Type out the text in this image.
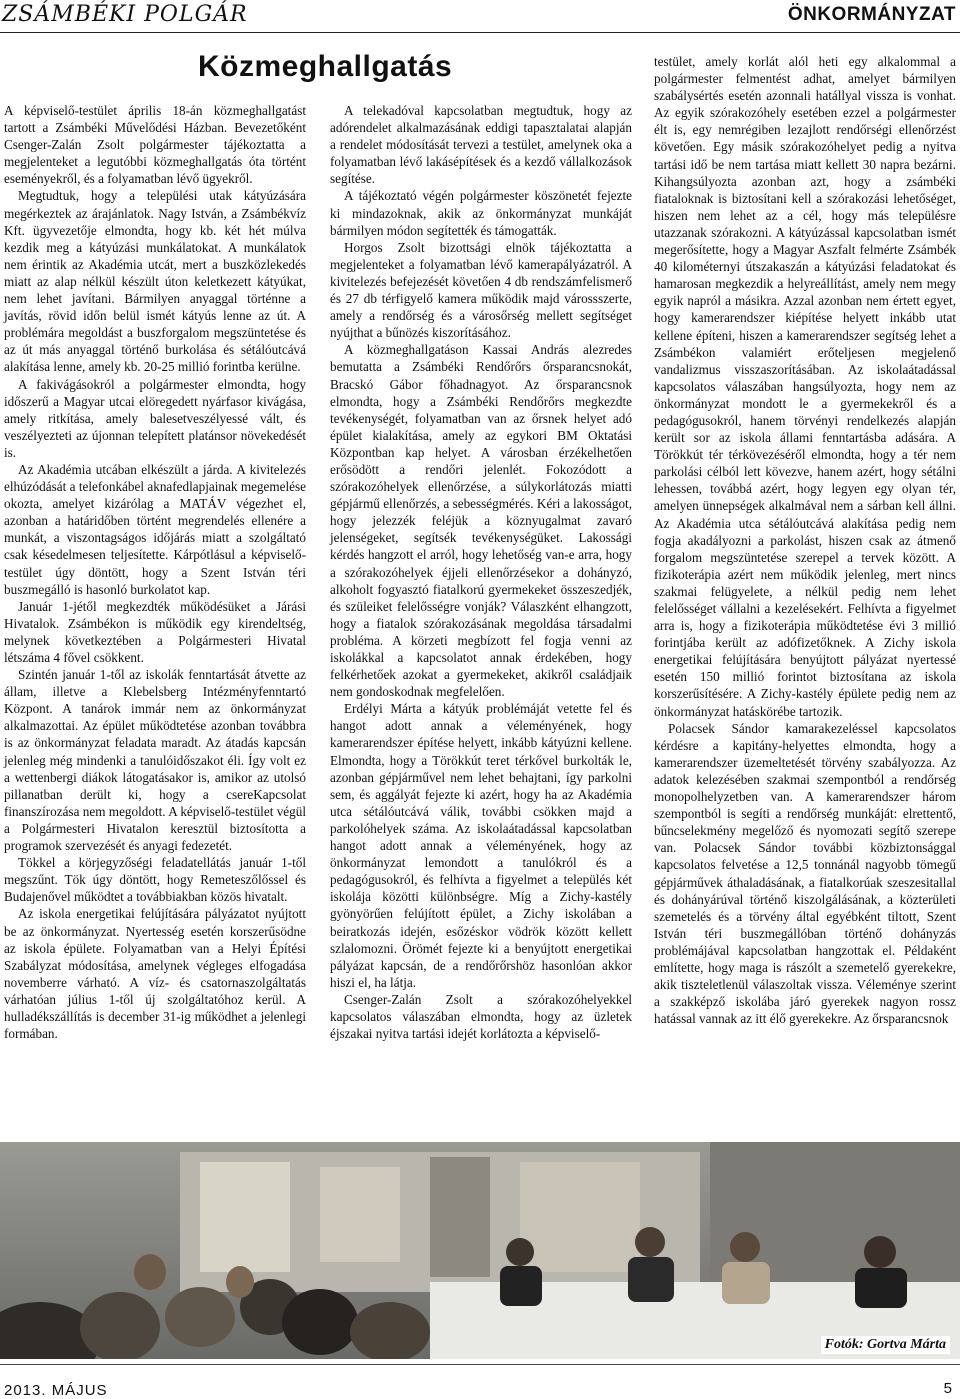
ZSÁMBÉKI POLGÁR	ÖNKORMÁNYZAT
Közmeghallgatás

A képviselő-testület április 18-án közmeghallgatást tartott a Zsámbéki Művelődési Házban. Bevezetőként Csenger-Zalán Zsolt polgármester tájékoztatta a megjelenteket a legutóbbi közmeghallgatás óta történt eseményekről, és a folyamatban lévő ügyekről.

Megtudtuk, hogy a települési utak kátyúzására megérkeztek az árajánlatok. Nagy István, a Zsámbékvíz Kft. ügyvezetője elmondta, hogy kb. két hét múlva kezdik meg a kátyúzási munkálatokat. A munkálatok nem érintik az Akadémia utcát, mert a buszközlekedés miatt az alap nélkül készült úton keletkezett kátyúkat, nem lehet javítani. Bármilyen anyaggal történne a javítás, rövid időn belül ismét kátyús lenne az út. A problémára megoldást a buszforgalom megszüntetése és az út más anyaggal történő burkolása és sétálóutcává alakítása lenne, amely kb. 20-25 millió forintba kerülne.

A fakivágásokról a polgármester elmondta, hogy időszerű a Magyar utcai elöregedett nyárfasor kivágása, amely ritkítása, amely balesetveszélyessé vált, és veszélyezteti az újonnan telepített platánsor növekedését is.

Az Akadémia utcában elkészült a járda. A kivitelezés elhúzódását a telefonkábel aknafedlapjainak megemelése okozta, amelyet kizárólag a MATÁV végezhet el, azonban a határidőben történt megrendelés ellenére a munkát, a viszontagságos időjárás miatt a szolgáltató csak késedelmesen teljesítette. Kárpótlásul a képviselő-testület úgy döntött, hogy a Szent István téri buszmegálló is hasonló burkolatot kap.

Január 1-jétől megkezdték működésüket a Járási Hivatalok. Zsámbékon is működik egy kirendeltség, melynek következtében a Polgármesteri Hivatal létszáma 4 fővel csökkent.

Szintén január 1-től az iskolák fenntartását átvette az állam, illetve a Klebelsberg Intézményfenntartó Központ. A tanárok immár nem az önkormányzat alkalmazottai. Az épület működtetése azonban továbbra is az önkormányzat feladata maradt. Az átadás kapcsán jelenleg még mindenki a tanulóidőszakot éli. Így volt ez a wettenbergi diákok látogatásakor is, amikor az utolsó pillanatban derült ki, hogy a csereKapcsolat finanszírozása nem megoldott. A képviselő-testület végül a Polgármesteri Hivatalon keresztül biztosította a programok szervezését és anyagi fedezetét.

Tökkel a körjegyzőségi feladatellátás január 1-től megszűnt. Tök úgy döntött, hogy Remeteszőlőssel és Budajenővel működtet a továbbiakban közös hivatalt.

Az iskola energetikai felújítására pályázatot nyújtott be az önkormányzat. Nyertesség esetén korszerűsödne az iskola épülete. Folyamatban van a Helyi Építési Szabályzat módosítása, amelynek végleges elfogadása novemberre várható. A víz- és csatornaszolgáltatás várhatóan július 1-től új szolgáltatóhoz kerül. A hulladékszállítás is december 31-ig működhet a jelenlegi formában.

A telekadóval kapcsolatban megtudtuk, hogy az adórendelet alkalmazásának eddigi tapasztalatai alapján a rendelet módosítását tervezi a testület, amelynek oka a folyamatban lévő lakásépítések és a kezdő vállalkozások segítése.

A tájékoztató végén polgármester köszönetét fejezte ki mindazoknak, akik az önkormányzat munkáját bármilyen módon segítették és támogatták.

Horgos Zsolt bizottsági elnök tájékoztatta a megjelenteket a folyamatban lévő kamerapályázatról. A kivitelezés befejezését követően 4 db rendszámfelismerő és 27 db térfigyelő kamera működik majd várossszerte, amely a rendőrség és a városőrség mellett segítséget nyújthat a bűnözés kiszorításához.

A közmeghallgatáson Kassai András alezredes bemutatta a Zsámbéki Rendőrőrs őrsparancsnokát, Bracskó Gábor főhadnagyot. Az őrsparancsnok elmondta, hogy a Zsámbéki Rendőrőrs megkezdte tevékenységét, folyamatban van az őrsnek helyet adó épület kialakítása, amely az egykori BM Oktatási Központban kap helyet. A városban érzékelhetően erősödött a rendőri jelenlét. Fokozódott a szórakozóhelyek ellenőrzése, a súlykorlátozás miatti gépjármű ellenőrzés, a sebességmérés. Kéri a lakosságot, hogy jelezzék feléjük a köznyugalmat zavaró jelenségeket, segítsék tevékenységüket. Lakossági kérdés hangzott el arról, hogy lehetőség van-e arra, hogy a szórakozóhelyek éjjeli ellenőrzésekor a dohányzó, alkoholt fogyasztó fiatalkorú gyermekeket összeszedjék, és szüleiket felelősségre vonják? Válaszként elhangzott, hogy a fiatalok szórakozásának megoldása társadalmi probléma. A körzeti megbízott fel fogja venni az iskolákkal a kapcsolatot annak érdekében, hogy felkérhetőek azokat a gyermekeket, akikről családjaik nem gondoskodnak megfelelően.

Erdélyi Márta a kátyúk problémáját vetette fel és hangot adott annak a véleményének, hogy kamerarendszer építése helyett, inkább kátyúzni kellene. Elmondta, hogy a Törökkút teret térkővel burkolták le, azonban gépjárművel nem lehet behajtani, így parkolni sem, és aggályát fejezte ki azért, hogy ha az Akadémia utca sétálóutcává válik, további csökken majd a parkolóhelyek száma. Az iskolaátadással kapcsolatban hangot adott annak a véleményének, hogy az önkormányzat lemondott a tanulókról és a pedagógusokról, és felhívta a figyelmet a település két iskolája közötti különbségre. Míg a Zichy-kastély gyönyörűen felújított épület, a Zichy iskolában a beiratkozás idején, esőzéskor vödrök között kellett szlalomozni. Örömét fejezte ki a benyújtott energetikai pályázat kapcsán, de a rendőrőrshöz hasonlóan akkor hiszi el, ha látja.

Csenger-Zalán Zsolt a szórakozóhelyekkel kapcsolatos válaszában elmondta, hogy az üzletek éjszakai nyitva tartási idejét korlátozta a képviselő-

testület, amely korlát alól heti egy alkalommal a polgármester felmentést adhat, amelyet bármilyen szabálysértés esetén azonnali hatállyal vissza is vonhat. Az egyik szórakozóhely esetében ezzel a polgármester élt is, egy nemrégiben lezajlott rendőrségi ellenőrzést követően. Egy másik szórakozóhelyet pedig a nyitva tartási idő be nem tartása miatt kellett 30 napra bezárni. Kihangsúlyozta azonban azt, hogy a zsámbéki fiataloknak is biztosítani kell a szórakozási lehetőséget, hiszen nem lehet az a cél, hogy más településre utazzanak szórakozni. A kátyúzással kapcsolatban ismét megerősítette, hogy a Magyar Aszfalt felmérte Zsámbék 40 kilométernyi útszakaszán a kátyúzási feladatokat és hamarosan megkezdik a helyreállítást, amely nem megy egyik napról a másikra. Azzal azonban nem értett egyet, hogy kamerarendszer kiépítése helyett inkább utat kellene építeni, hiszen a kamerarendszer segítség lehet a Zsámbékon valamiért erőteljesen megjelenő vandalizmus visszaszorításában. Az iskolaátadással kapcsolatos válaszában hangsúlyozta, hogy nem az önkormányzat mondott le a gyermekekről és a pedagógusokról, hanem törvényi rendelkezés alapján került sor az iskola állami fenntartásba adására. A Törökkút tér térkövezéséről elmondta, hogy a tér nem parkolási célból lett kövezve, hanem azért, hogy sétálni lehessen, továbbá azért, hogy legyen egy olyan tér, amelyen ünnepségek alkalmával nem a sárban kell állni. Az Akadémia utca sétálóutcává alakítása pedig nem fogja akadályozni a parkolást, hiszen csak az átmenő forgalom megszüntetése szerepel a tervek között. A fizikoterápia azért nem működik jelenleg, mert nincs szakmai felügyelete, a nélkül pedig nem lehet felelősséget vállalni a kezelésekért. Felhívta a figyelmet arra is, hogy a fizikoterápia működtetése évi 3 millió forintjába került az adófizetőknek. A Zichy iskola energetikai felújítására benyújtott pályázat nyertessé esetén 150 millió forintot biztosítana az iskola korszerűsítésére. A Zichy-kastély épülete pedig nem az önkormányzat hatáskörébe tartozik.

Polacsek Sándor kamarakezeléssel kapcsolatos kérdésre a kapitány-helyettes elmondta, hogy a kamerarendszer üzemeltetését törvény szabályozza. Az adatok kelezésében szakmai szempontból a rendőrség monopolhelyzetben van. A kamerarendszer három szempontból is segíti a rendőrség munkáját: elrettentő, bűncselekmény megelőző és nyomozati segítő szerepe van. Polacsek Sándor további közbiztonsággal kapcsolatos felvetése a 12,5 tonnánál nagyobb tömegű gépjárművek áthaladásának, a fiatalkorúak szeszesitallal és dohányárúval történő kiszolgálásának, a közterületi szemetelés és a törvény által egyébként tiltott, Szent István téri buszmegállóban történő dohányzás problémájával kapcsolatban hangzottak el. Példaként említette, hogy maga is rászólt a szemetelő gyerekekre, akik tiszteletlenül válaszoltak vissza. Véleménye szerint a szakképző iskolába járó gyerekek nagyon rossz hatással vannak az itt élő gyerekekre. Az őrsparancsnok

Fotók: Gortva Márta
2013. MÁJUS	5
